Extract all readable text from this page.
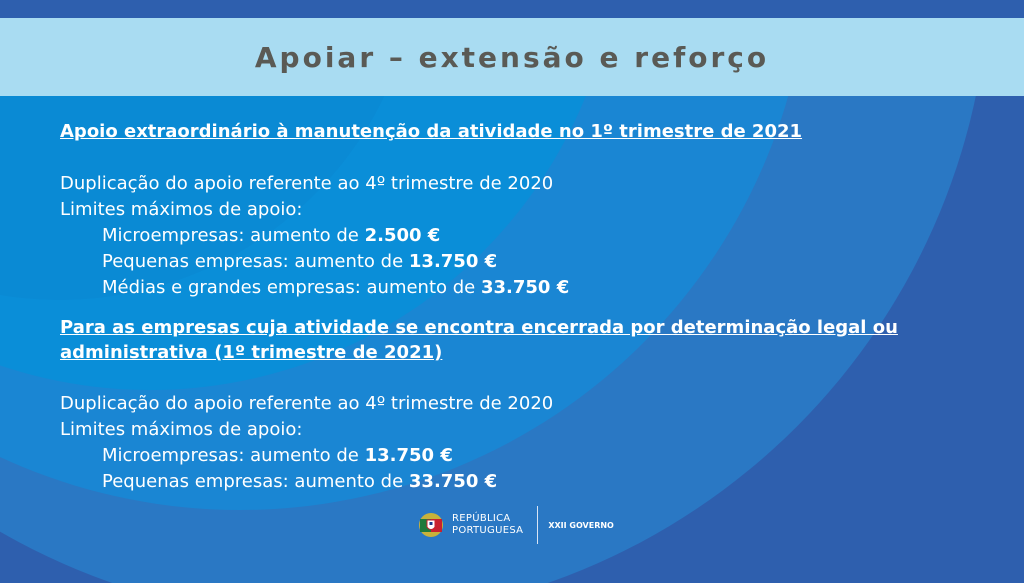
Apoiar – extensão e reforço
Apoio extraordinário à manutenção da atividade no 1º trimestre de 2021
Duplicação do apoio referente ao 4º trimestre de 2020
Limites máximos de apoio:
Microempresas: aumento de 2.500 €
Pequenas empresas: aumento de 13.750 €
Médias e grandes empresas: aumento de 33.750 €
Para as empresas cuja atividade se encontra encerrada por determinação legal ou
administrativa (1º trimestre de 2021)
Duplicação do apoio referente ao 4º trimestre de 2020
Limites máximos de apoio:
Microempresas: aumento de 13.750 €
Pequenas empresas: aumento de 33.750 €
REPÚBLICA
PORTUGUESA	XXII GOVERNO
